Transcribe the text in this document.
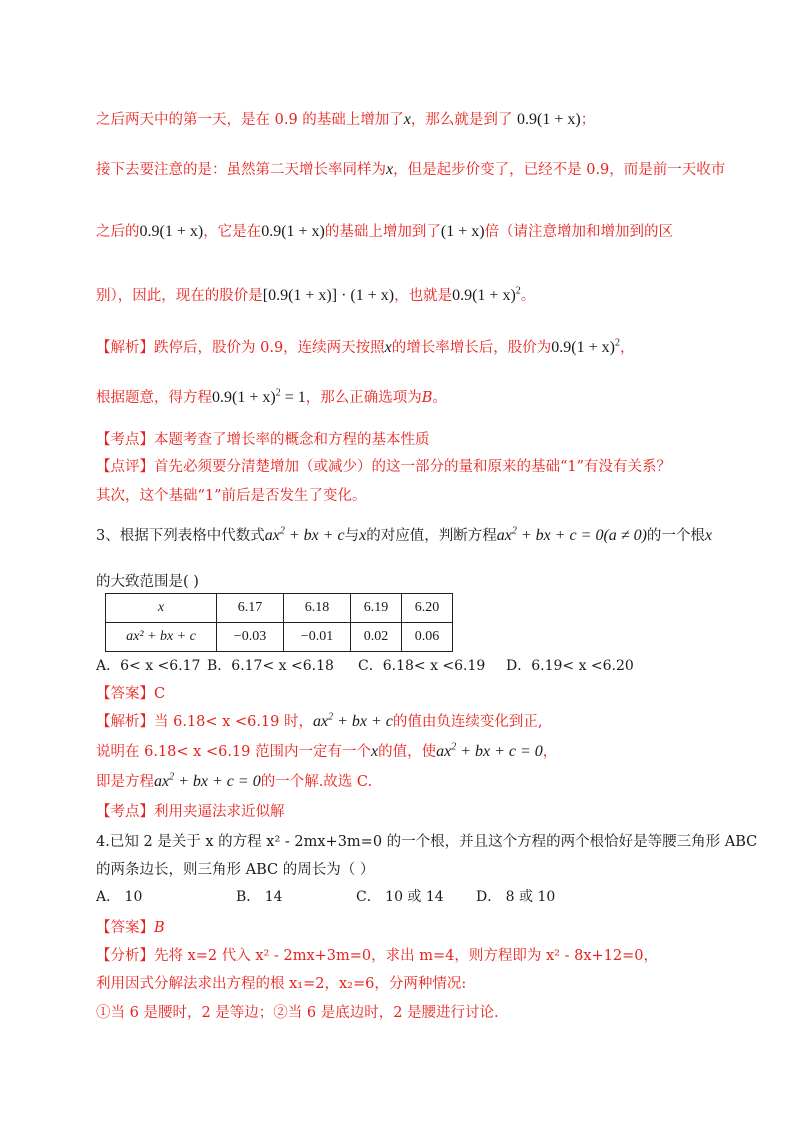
之后两天中的第一天，是在 0.9 的基础上增加了x，那么就是到了 0.9(1 + x)；
接下去要注意的是：虽然第二天增长率同样为x，但是起步价变了，已经不是 0.9，而是前一天收市
之后的0.9(1 + x)，它是在0.9(1 + x)的基础上增加到了(1 + x)倍（请注意增加和增加到的区
别），因此，现在的股价是[0.9(1 + x)] · (1 + x)，也就是$0.9(1 + x)^2$。
【解析】跌停后，股价为 0.9，连续两天按照x的增长率增长后，股价为$0.9(1 + x)^2$，
根据题意，得方程$0.9(1 + x)^2 = 1$，那么正确选项为B。
【考点】本题考查了增长率的概念和方程的基本性质
【点评】首先必须要分清楚增加（或减少）的这一部分的量和原来的基础“1”有没有关系？
其次，这个基础“1”前后是否发生了变化。
3、根据下列表格中代数式$ax^2$ + bx + c与x的对应值，判断方程$ax^2$ + bx + c = 0(a ≠ 0)的一个根x
的大致范围是( )
x	6.17	6.18	6.19	6.20
ax² + bx + c	−0.03	−0.01	0.02	0.06
A．6< x <6.17 B．6.17< x <6.18 C．6.18< x <6.19 D．6.19< x <6.20
【答案】C
【解析】当 6.18< x <6.19 时，$ax^2$ + bx + c的值由负连续变化到正,
说明在 6.18< x <6.19 范围内一定有一个x的值，使$ax^2$ + bx + c = 0，
即是方程$ax^2$ + bx + c = 0的一个解.故选 C.
【考点】利用夹逼法求近似解
4.已知 2 是关于 x 的方程 x² - 2mx+3m=0 的一个根，并且这个方程的两个根恰好是等腰三角形 ABC
的两条边长，则三角形 ABC 的周长为（ ）
A． 10	B． 14	C． 10 或 14 D． 8 或 10
【答案】B
【分析】先将 x=2 代入 x² - 2mx+3m=0，求出 m=4，则方程即为 x² - 8x+12=0，
利用因式分解法求出方程的根 x₁=2，x₂=6，分两种情况:
①当 6 是腰时，2 是等边；②当 6 是底边时，2 是腰进行讨论.
